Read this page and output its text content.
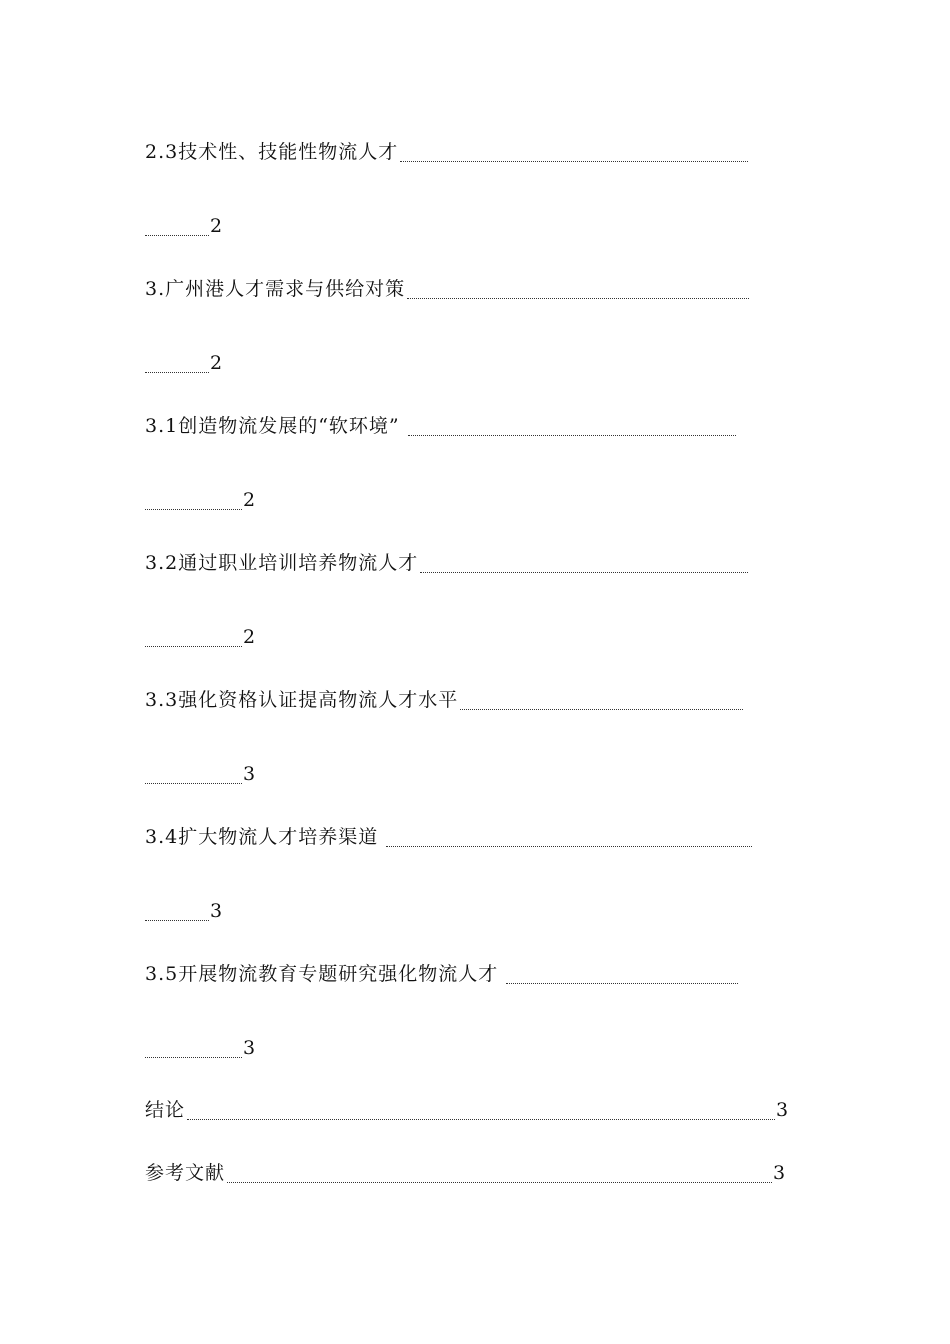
2.3技术性、技能性物流人才
2
3.广州港人才需求与供给对策
2
3.1创造物流发展的“软环境”
2
3.2通过职业培训培养物流人才
2
3.3强化资格认证提高物流人才水平
3
3.4扩大物流人才培养渠道
3
3.5开展物流教育专题研究强化物流人才
3
结论	3
参考文献	3
